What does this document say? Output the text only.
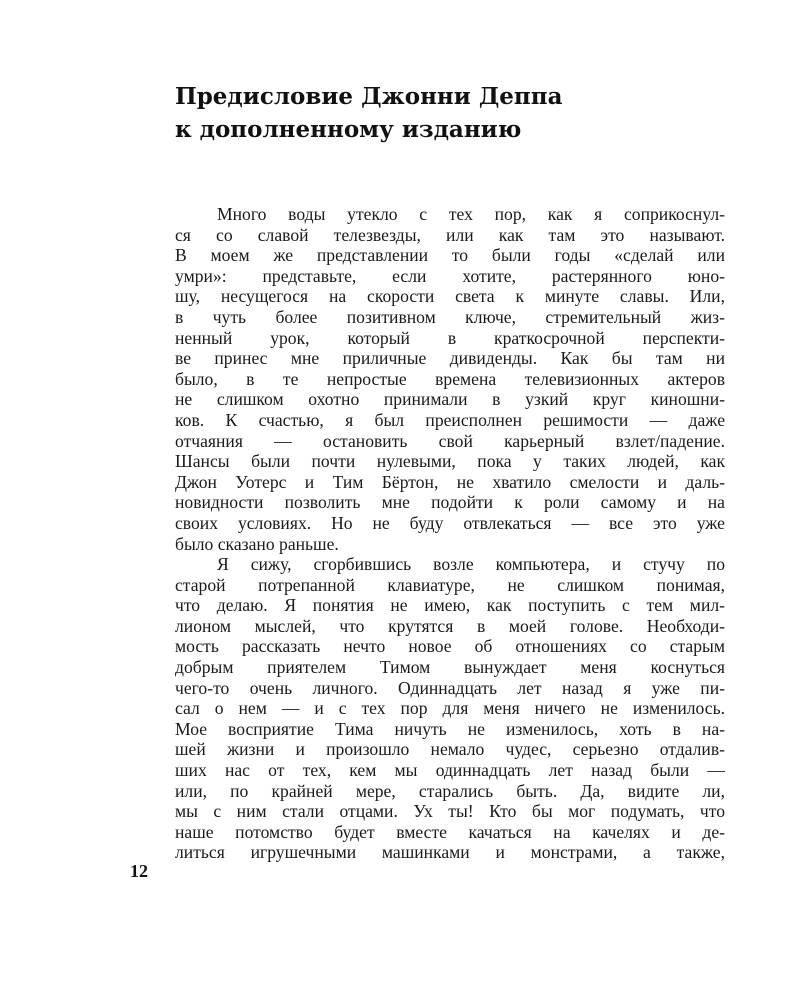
Предисловие Джонни Деппа
к дополненному изданию
Много воды утекло с тех пор, как я соприкоснул-
ся со славой телезвезды, или как там это называют.
В моем же представлении то были годы «сделай или
умри»: представьте, если хотите, растерянного юно-
шу, несущегося на скорости света к минуте славы. Или,
в чуть более позитивном ключе, стремительный жиз-
ненный урок, который в краткосрочной перспекти-
ве принес мне приличные дивиденды. Как бы там ни
было, в те непростые времена телевизионных актеров
не слишком охотно принимали в узкий круг киношни-
ков. К счастью, я был преисполнен решимости — даже
отчаяния — остановить свой карьерный взлет/падение.
Шансы были почти нулевыми, пока у таких людей, как
Джон Уотерс и Тим Бёртон, не хватило смелости и даль-
новидности позволить мне подойти к роли самому и на
своих условиях. Но не буду отвлекаться — все это уже
было сказано раньше.
Я сижу, сгорбившись возле компьютера, и стучу по
старой потрепанной клавиатуре, не слишком понимая,
что делаю. Я понятия не имею, как поступить с тем мил-
лионом мыслей, что крутятся в моей голове. Необходи-
мость рассказать нечто новое об отношениях со старым
добрым приятелем Тимом вынуждает меня коснуться
чего-то очень личного. Одиннадцать лет назад я уже пи-
сал о нем — и с тех пор для меня ничего не изменилось.
Мое восприятие Тима ничуть не изменилось, хоть в на-
шей жизни и произошло немало чудес, серьезно отдалив-
ших нас от тех, кем мы одиннадцать лет назад были —
или, по крайней мере, старались быть. Да, видите ли,
мы с ним стали отцами. Ух ты! Кто бы мог подумать, что
наше потомство будет вместе качаться на качелях и де-
литься игрушечными машинками и монстрами, а также,
12
